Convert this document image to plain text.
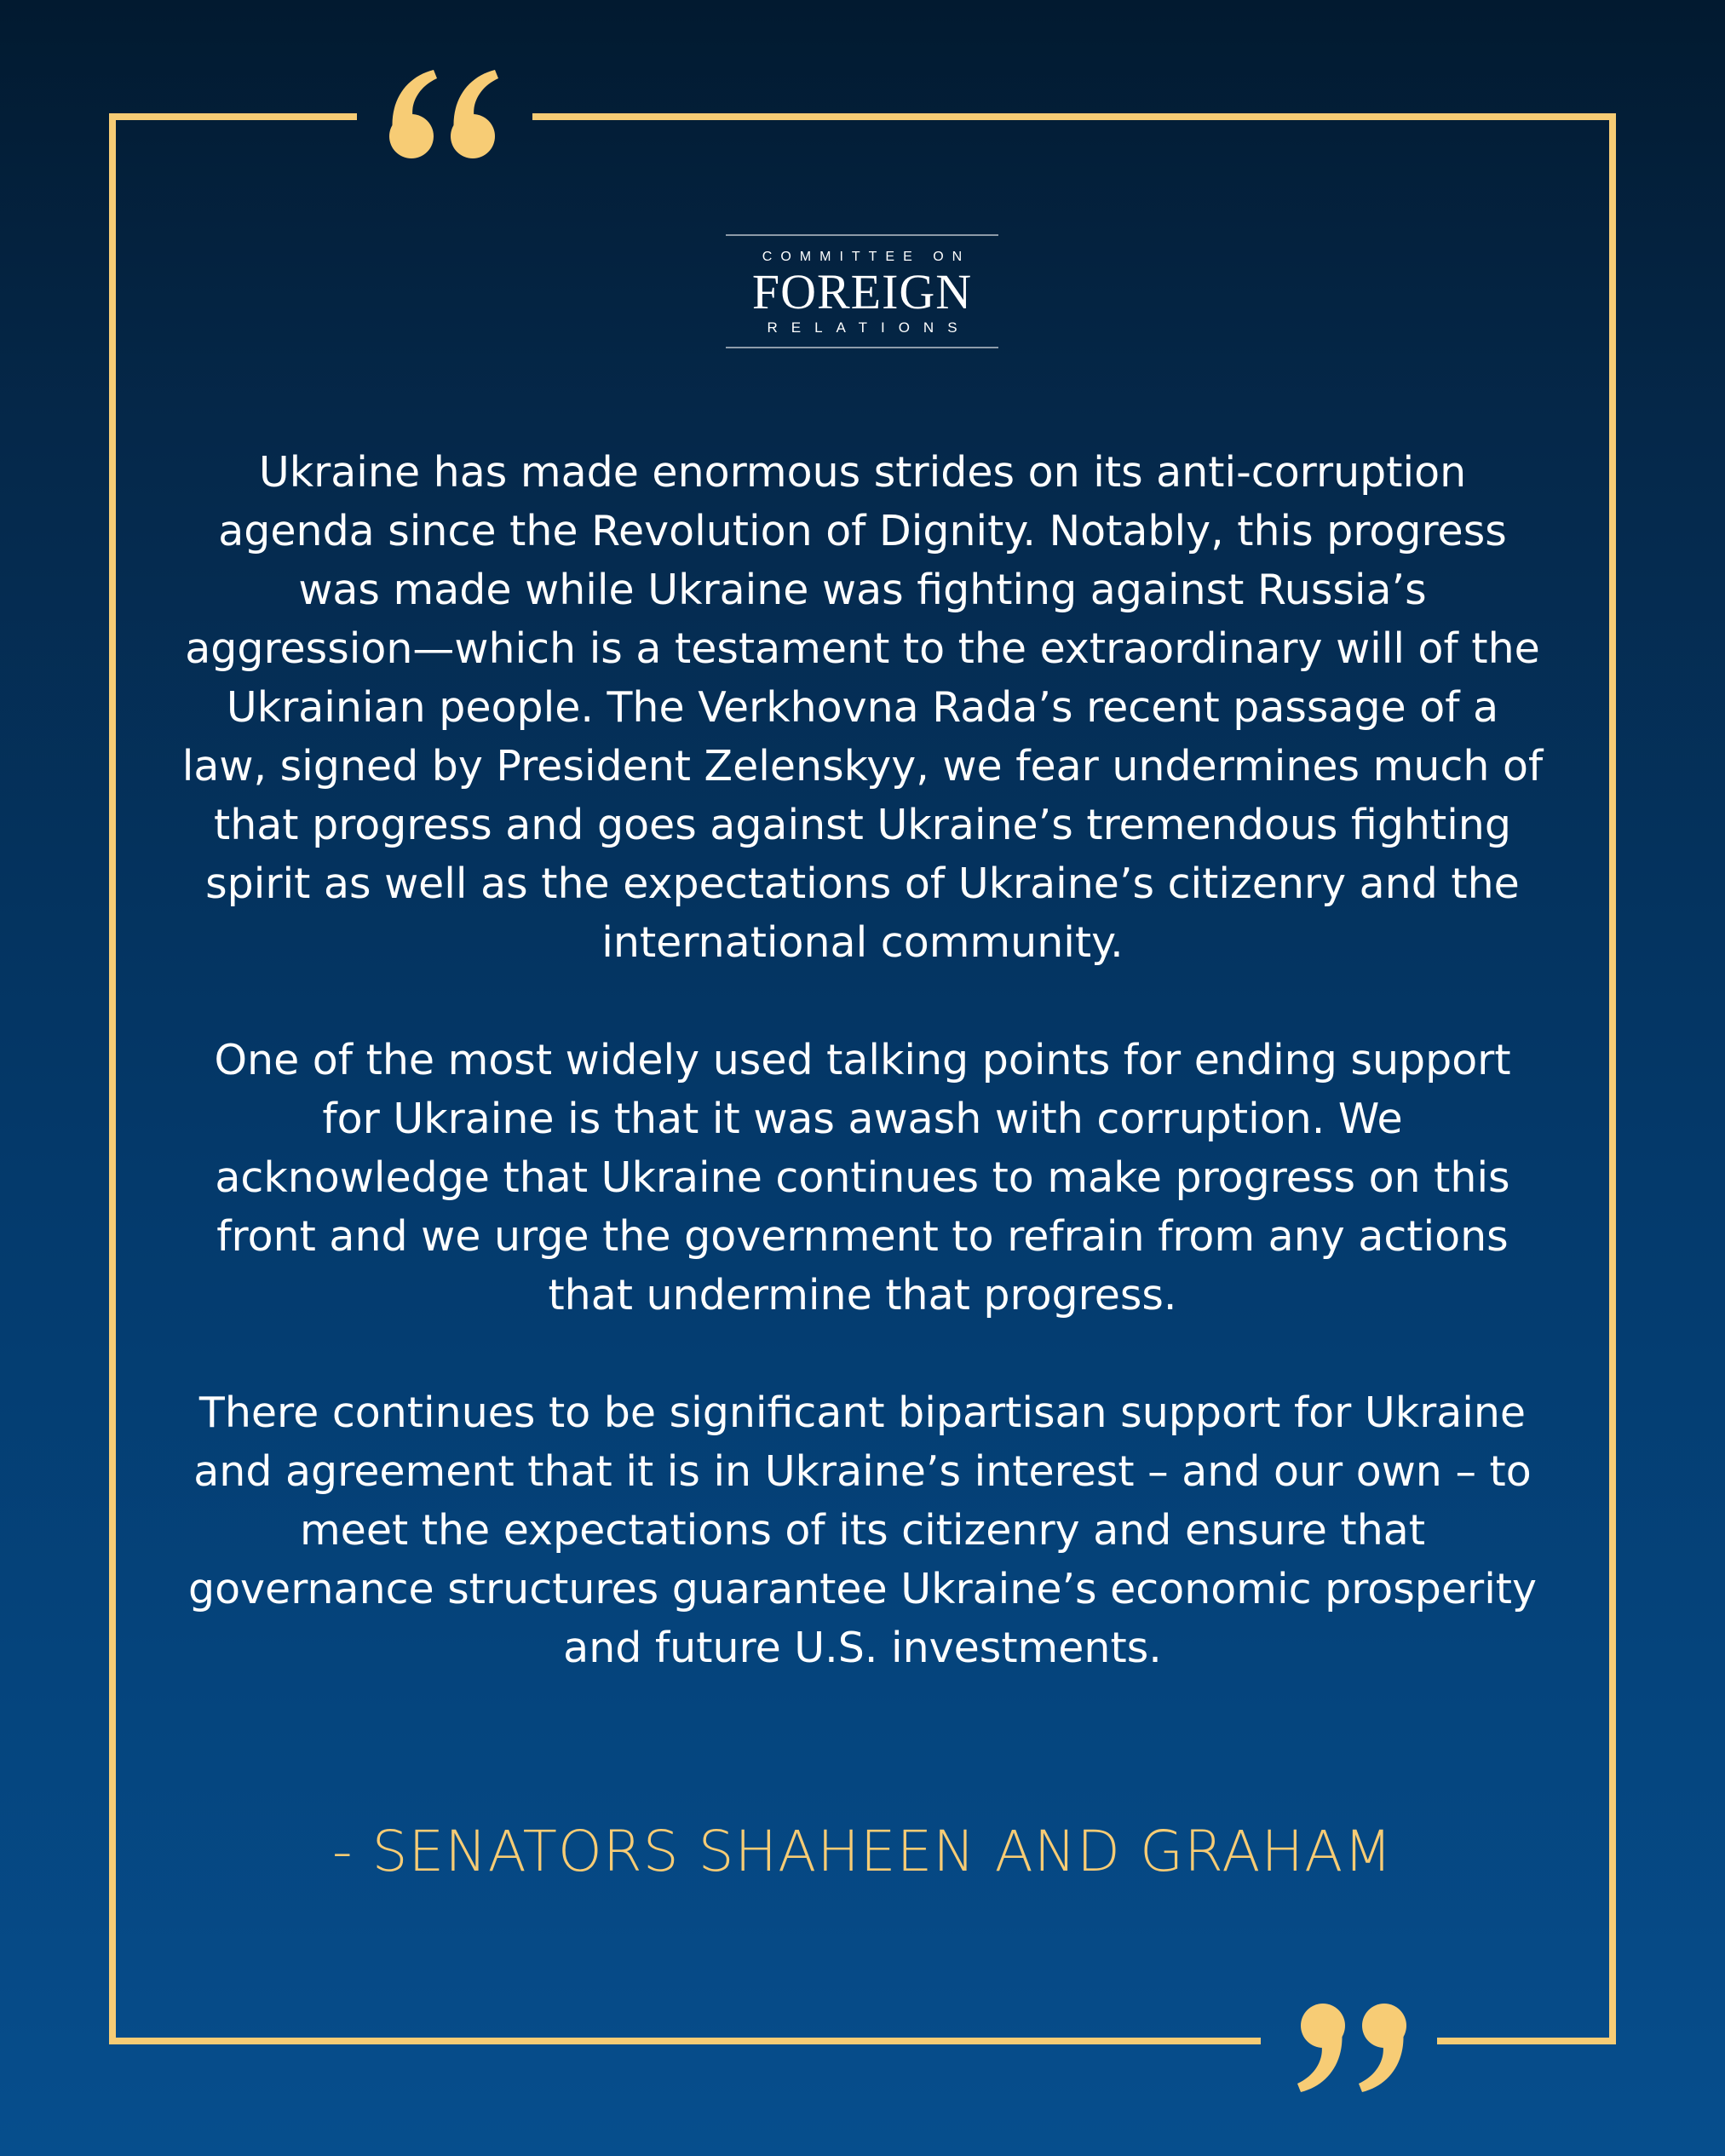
COMMITTEE ON
FOREIGN
RELATIONS

Ukraine has made enormous strides on its anti-corruption agenda since the Revolution of Dignity. Notably, this progress was made while Ukraine was fighting against Russia’s aggression—which is a testament to the extraordinary will of the Ukrainian people. The Verkhovna Rada’s recent passage of a law, signed by President Zelenskyy, we fear undermines much of that progress and goes against Ukraine’s tremendous fighting spirit as well as the expectations of Ukraine’s citizenry and the international community.

One of the most widely used talking points for ending support for Ukraine is that it was awash with corruption. We acknowledge that Ukraine continues to make progress on this front and we urge the government to refrain from any actions that undermine that progress.

There continues to be significant bipartisan support for Ukraine and agreement that it is in Ukraine’s interest – and our own – to meet the expectations of its citizenry and ensure that governance structures guarantee Ukraine’s economic prosperity and future U.S. investments.

- SENATORS SHAHEEN AND GRAHAM
